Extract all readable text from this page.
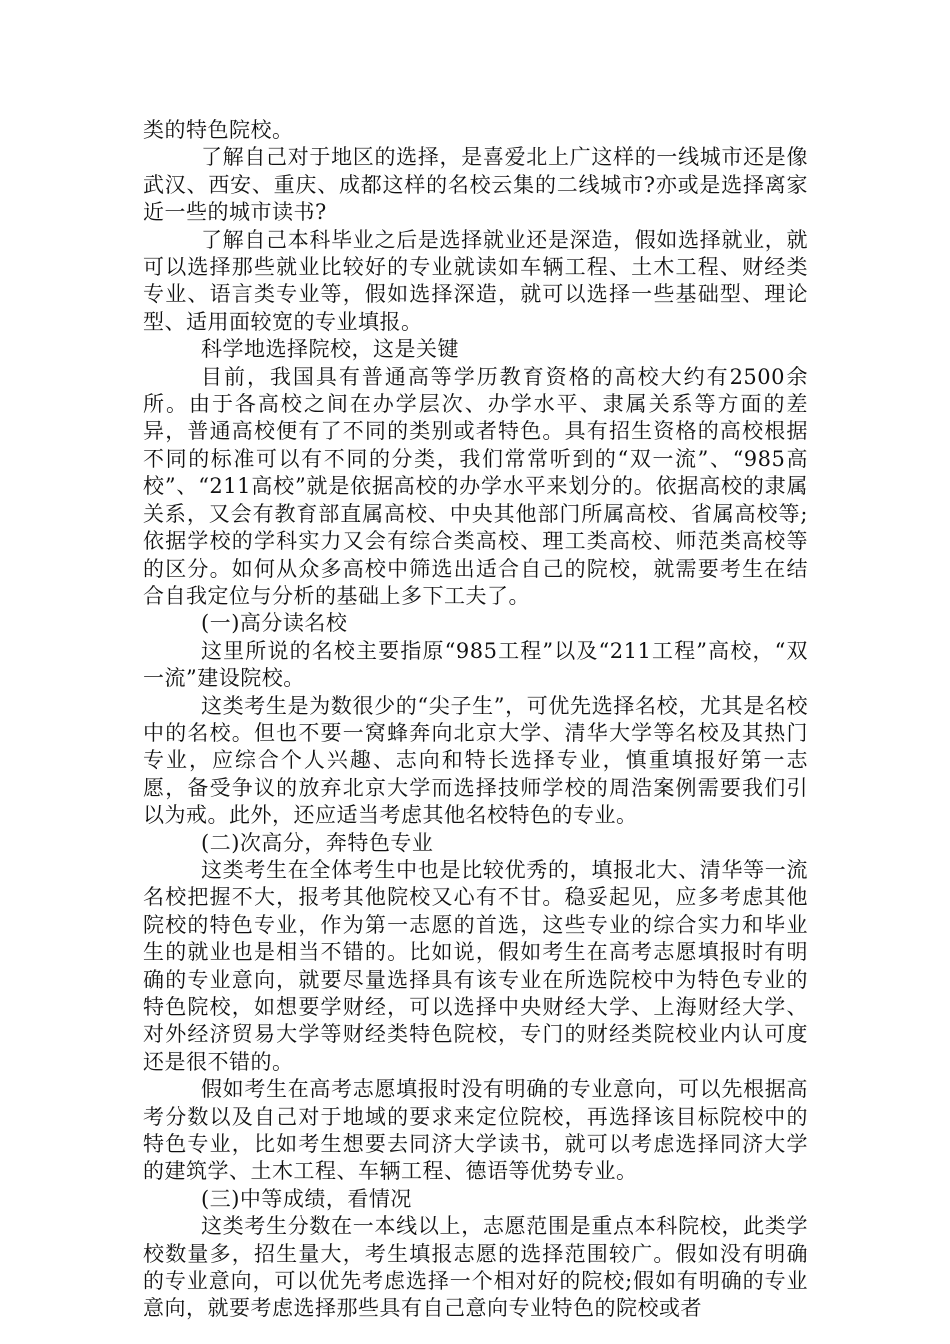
类的特色院校。

了解自己对于地区的选择，是喜爱北上广这样的一线城市还是像武汉、西安、重庆、成都这样的名校云集的二线城市?亦或是选择离家近一些的城市读书?

了解自己本科毕业之后是选择就业还是深造，假如选择就业，就可以选择那些就业比较好的专业就读如车辆工程、土木工程、财经类专业、语言类专业等，假如选择深造，就可以选择一些基础型、理论型、适用面较宽的专业填报。

科学地选择院校，这是关键

目前，我国具有普通高等学历教育资格的高校大约有2500余所。由于各高校之间在办学层次、办学水平、隶属关系等方面的差异，普通高校便有了不同的类别或者特色。具有招生资格的高校根据不同的标准可以有不同的分类，我们常常听到的“双一流”、“985高校”、“211高校”就是依据高校的办学水平来划分的。依据高校的隶属关系，又会有教育部直属高校、中央其他部门所属高校、省属高校等;依据学校的学科实力又会有综合类高校、理工类高校、师范类高校等的区分。如何从众多高校中筛选出适合自己的院校，就需要考生在结合自我定位与分析的基础上多下工夫了。

(一)高分读名校

这里所说的名校主要指原“985工程”以及“211工程”高校，“双一流”建设院校。

这类考生是为数很少的“尖子生”，可优先选择名校，尤其是名校中的名校。但也不要一窝蜂奔向北京大学、清华大学等名校及其热门专业，应综合个人兴趣、志向和特长选择专业，慎重填报好第一志愿，备受争议的放弃北京大学而选择技师学校的周浩案例需要我们引以为戒。此外，还应适当考虑其他名校特色的专业。

(二)次高分，奔特色专业

这类考生在全体考生中也是比较优秀的，填报北大、清华等一流名校把握不大，报考其他院校又心有不甘。稳妥起见，应多考虑其他院校的特色专业，作为第一志愿的首选，这些专业的综合实力和毕业生的就业也是相当不错的。比如说，假如考生在高考志愿填报时有明确的专业意向，就要尽量选择具有该专业在所选院校中为特色专业的特色院校，如想要学财经，可以选择中央财经大学、上海财经大学、对外经济贸易大学等财经类特色院校，专门的财经类院校业内认可度还是很不错的。

假如考生在高考志愿填报时没有明确的专业意向，可以先根据高考分数以及自己对于地域的要求来定位院校，再选择该目标院校中的特色专业，比如考生想要去同济大学读书，就可以考虑选择同济大学的建筑学、土木工程、车辆工程、德语等优势专业。

(三)中等成绩，看情况

这类考生分数在一本线以上，志愿范围是重点本科院校，此类学校数量多，招生量大，考生填报志愿的选择范围较广。假如没有明确的专业意向，可以优先考虑选择一个相对好的院校;假如有明确的专业意向，就要考虑选择那些具有自己意向专业特色的院校或者
